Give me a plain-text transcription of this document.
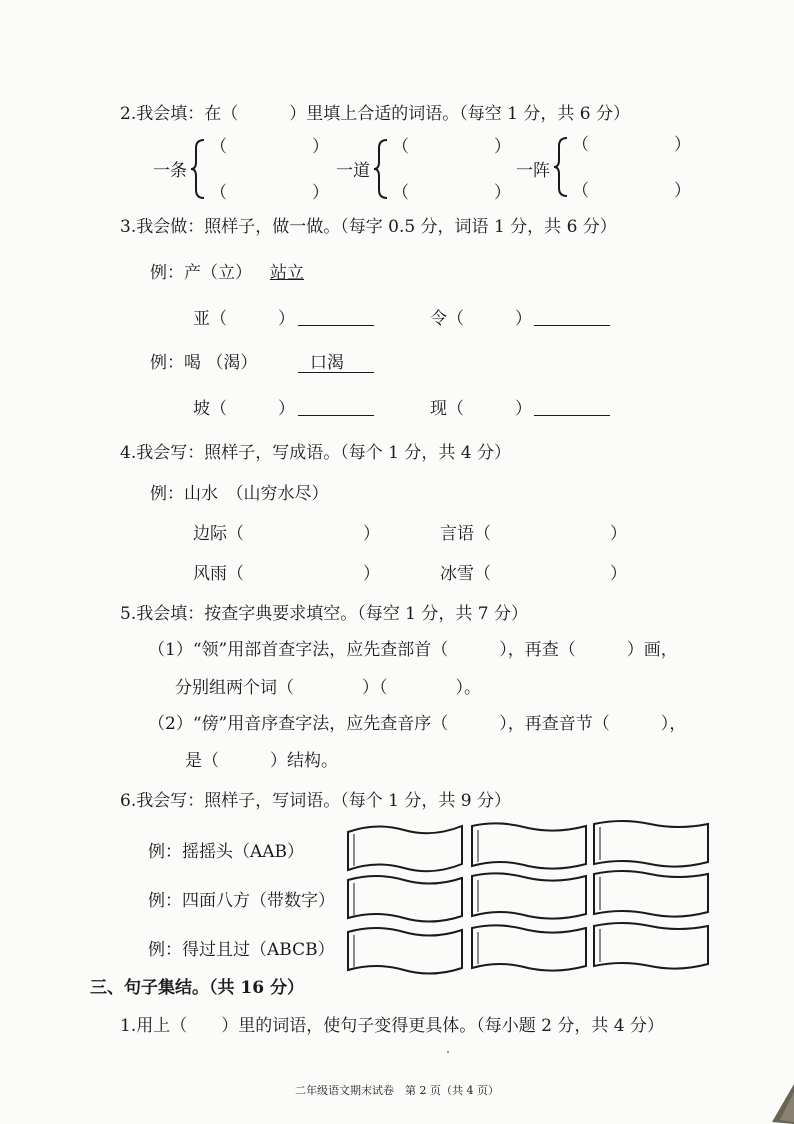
2.我会填：在（　　　）里填上合适的词语。（每空 1 分，共 6 分）
一条
（　　　　　）
（　　　　　）
一道
（　　　　　）
（　　　　　）
一阵
（　　　　　）
（　　　　　）
3.我会做：照样子，做一做。（每字 0.5 分，词语 1 分，共 6 分）
例：产（立） 站立
亚（　　　）	令（　　　）
例：喝 （渴）	口渴
坡（　　　）	现（　　　）
4.我会写：照样子，写成语。（每个 1 分，共 4 分）
例：山水　（山穷水尽）
边际（　　　　　　　）	言语（　　　　　　　）
风雨（　　　　　　　）	冰雪（　　　　　　　）
5.我会填：按查字典要求填空。（每空 1 分，共 7 分）
（1）“领”用部首查字法，应先查部首（　　　），再查（　　　）画，
分别组两个词（　　　　）（　　　　）。
（2）“傍”用音序查字法，应先查音序（　　　），再查音节（　　　），
是（　　　）结构。
6.我会写：照样子，写词语。（每个 1 分，共 9 分）
例：摇摇头（AAB）
例：四面八方（带数字）
例：得过且过（ABCB）
三、句子集结。（共 16 分）
1.用上（　　）里的词语，使句子变得更具体。（每小题 2 分，共 4 分）
二年级语文期末试卷　第 2 页（共 4 页）
